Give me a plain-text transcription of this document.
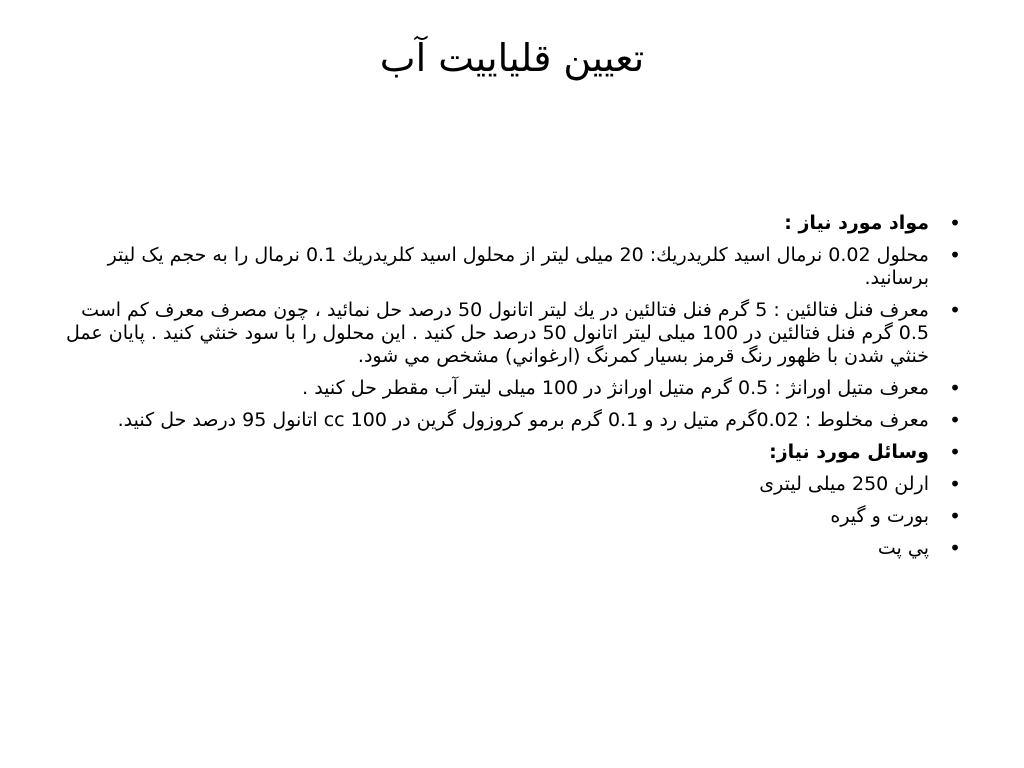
تعیین قلیاییت آب
•
مواد مورد نیاز :
•
محلول 0.02 نرمال اسید کلریدریك: 20 میلی لیتر از محلول اسید کلریدریك 0.1 نرمال را به حجم یک لیتر برسانید.
•
معرف فنل فتالئین : 5 گرم فنل فتالئین در یك لیتر اتانول 50 درصد حل نمائید ، چون مصرف معرف کم است 0.5 گرم فنل فتالئین در 100 میلی لیتر اتانول 50 درصد حل کنید . این محلول را با سود خنثي کنید . پایان عمل خنثي شدن با ظهور رنگ قرمز بسیار کمرنگ (ارغواني) مشخص مي شود.
•
معرف متیل اورانژ : 0.5 گرم متیل اورانژ در 100 میلی لیتر آب مقطر حل کنید .
•
معرف مخلوط : 0.02گرم متیل رد و 0.1 گرم برمو کروزول گرین در 100 cc اتانول 95 درصد حل کنید.
•
وسائل مورد نیاز:
•
ارلن 250 میلی لیتری
•
بورت و گیره
•
پي پت
